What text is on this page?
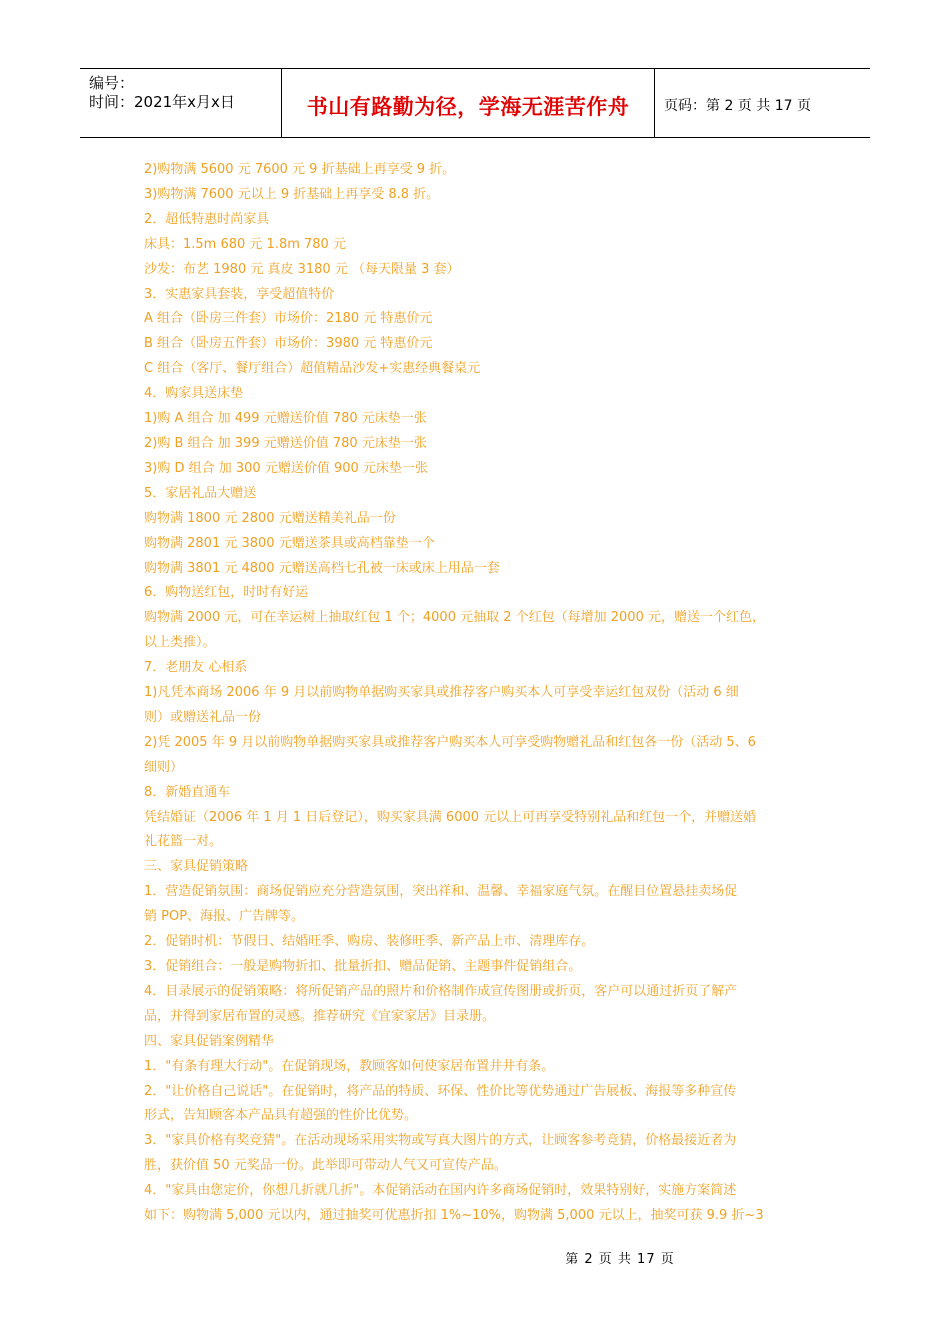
编号：
时间：2021年x月x日	书山有路勤为径，学海无涯苦作舟	页码：第 2 页 共 17 页
2)购物满 5600 元 7600 元 9 折基础上再享受 9 折。
3)购物满 7600 元以上 9 折基础上再享受 8.8 折。
2．超低特惠时尚家具
床具：1.5m 680 元 1.8m 780 元
沙发：布艺 1980 元 真皮 3180 元 （每天限量 3 套）
3．实惠家具套装，享受超值特价
A 组合（卧房三件套）市场价：2180 元 特惠价元
B 组合（卧房五件套）市场价：3980 元 特惠价元
C 组合（客厅、餐厅组合）超值精品沙发+实惠经典餐桌元
4．购家具送床垫
1)购 A 组合 加 499 元赠送价值 780 元床垫一张
2)购 B 组合 加 399 元赠送价值 780 元床垫一张
3)购 D 组合 加 300 元赠送价值 900 元床垫一张
5．家居礼品大赠送
购物满 1800 元 2800 元赠送精美礼品一份
购物满 2801 元 3800 元赠送茶具或高档靠垫一个
购物满 3801 元 4800 元赠送高档七孔被一床或床上用品一套
6．购物送红包，时时有好运
购物满 2000 元，可在幸运树上抽取红包 1 个；4000 元抽取 2 个红包（每增加 2000 元，赠送一个红色，
以上类推）。
7．老朋友 心相系
1)凡凭本商场 2006 年 9 月以前购物单据购买家具或推荐客户购买本人可享受幸运红包双份（活动 6 细
则）或赠送礼品一份
2)凭 2005 年 9 月以前购物单据购买家具或推荐客户购买本人可享受购物赠礼品和红包各一份（活动 5、6
细则）
8．新婚直通车
凭结婚证（2006 年 1 月 1 日后登记），购买家具满 6000 元以上可再享受特别礼品和红包一个，并赠送婚
礼花篮一对。
三、家具促销策略
1．营造促销氛围：商场促销应充分营造氛围，突出祥和、温馨、幸福家庭气氛。在醒目位置悬挂卖场促
销 POP、海报、广告牌等。
2．促销时机：节假日、结婚旺季、购房、装修旺季、新产品上市、清理库存。
3．促销组合：一般是购物折扣、批量折扣、赠品促销、主题事件促销组合。
4．目录展示的促销策略：将所促销产品的照片和价格制作成宣传图册或折页，客户可以通过折页了解产
品，并得到家居布置的灵感。推荐研究《宜家家居》目录册。
四、家具促销案例精华
1．"有条有理大行动"。在促销现场，教顾客如何使家居布置井井有条。
2．"让价格自己说话"。在促销时，将产品的特质、环保、性价比等优势通过广告展板、海报等多种宣传
形式，告知顾客本产品具有超强的性价比优势。
3．"家具价格有奖竞猜"。在活动现场采用实物或写真大图片的方式，让顾客参考竞猜，价格最接近者为
胜，获价值 50 元奖品一份。此举即可带动人气又可宣传产品。
4．"家具由您定价，你想几折就几折"。本促销活动在国内许多商场促销时，效果特别好，实施方案简述
如下：购物满 5,000 元以内，通过抽奖可优惠折扣 1%~10%，购物满 5,000 元以上，抽奖可获 9.9 折~3
第 2 页 共 17 页
